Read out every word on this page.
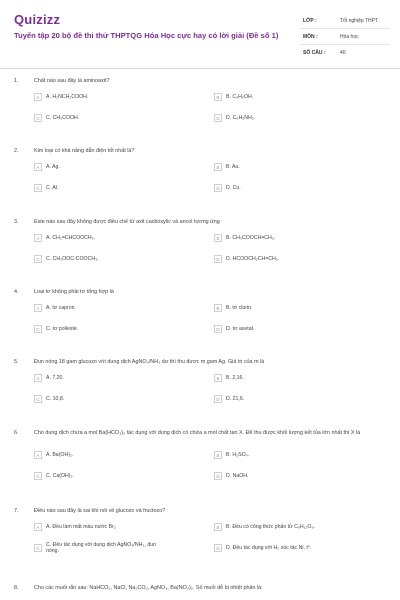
Quizizz
Tuyển tập 20 bộ đề thi thử THPTQG Hóa Học cực hay có lời giải (Đề số 1)
LỚP :	Tốt nghiệp THPT
MÔN :	Hóa học
SỐ CÂU :	40
1.	Chất nào sau đây là aminoaxit?
A	A. H₂NCH₂COOH.	B	B. C₂H₅OH.
C	C. CH₃COOH.	D	D. C₆H₅NH₂.
2.	Kim loại có khả năng dẫn điện tốt nhất là?
A	A. Ag.	B	B. Au.
C	C. Al.	D	D. Cu.
3.	Este nào sau đây không được điều chế từ axit cacboxylic và ancol tương ứng
A	A. CH₂=CHCOOCH₃.	B	B. CH₃COOCH=CH₂.
C	C. CH₃OOC-COOCH₃.	D	D. HCOOCH₂CH=CH₂.
4.	Loại tơ không phải tơ tổng hợp là
A	A. tơ capron.	B	B. tơ clorin.
C	C. tơ polieste.	D	D. tơ axetat.
5.	Đun nóng 18 gam glucozo với dung dịch AgNO₃/NH₃ dư thì thu được m gam Ag. Giá trị của m là
A	A. 7,20.	B	B. 2,16.
C	C. 10,8.	D	D. 21,6.
6.	Cho dung dịch chứa a mol Ba(HCO₃)₂ tác dụng với dung dịch có chứa a mol chất tan X. Để thu được khối lượng kết tủa lớn nhất thì X là
A	A. Ba(OH)₂.	B	B. H₂SO₄.
C	C. Ca(OH)₂.	D	D. NaOH.
7.	Điều nào sau đây là sai khi nói về glucozo và fructozo?
A	A. Đều làm mất màu nước Br₂	B	B. Đều có công thức phân tử C₆H₁₂O₆.
C	C. Đều tác dụng với dung dịch AgNO₃/NH₃, đun nóng.	D	D. Đều tác dụng với H₂ xúc tác Ni, t⁰.
8.	Cho các muối rắn sau: NaHCO₃, NaCl, Na₂CO₃, AgNO₃, Ba(NO₃)₂. Số muối dễ bị nhiệt phân là:
